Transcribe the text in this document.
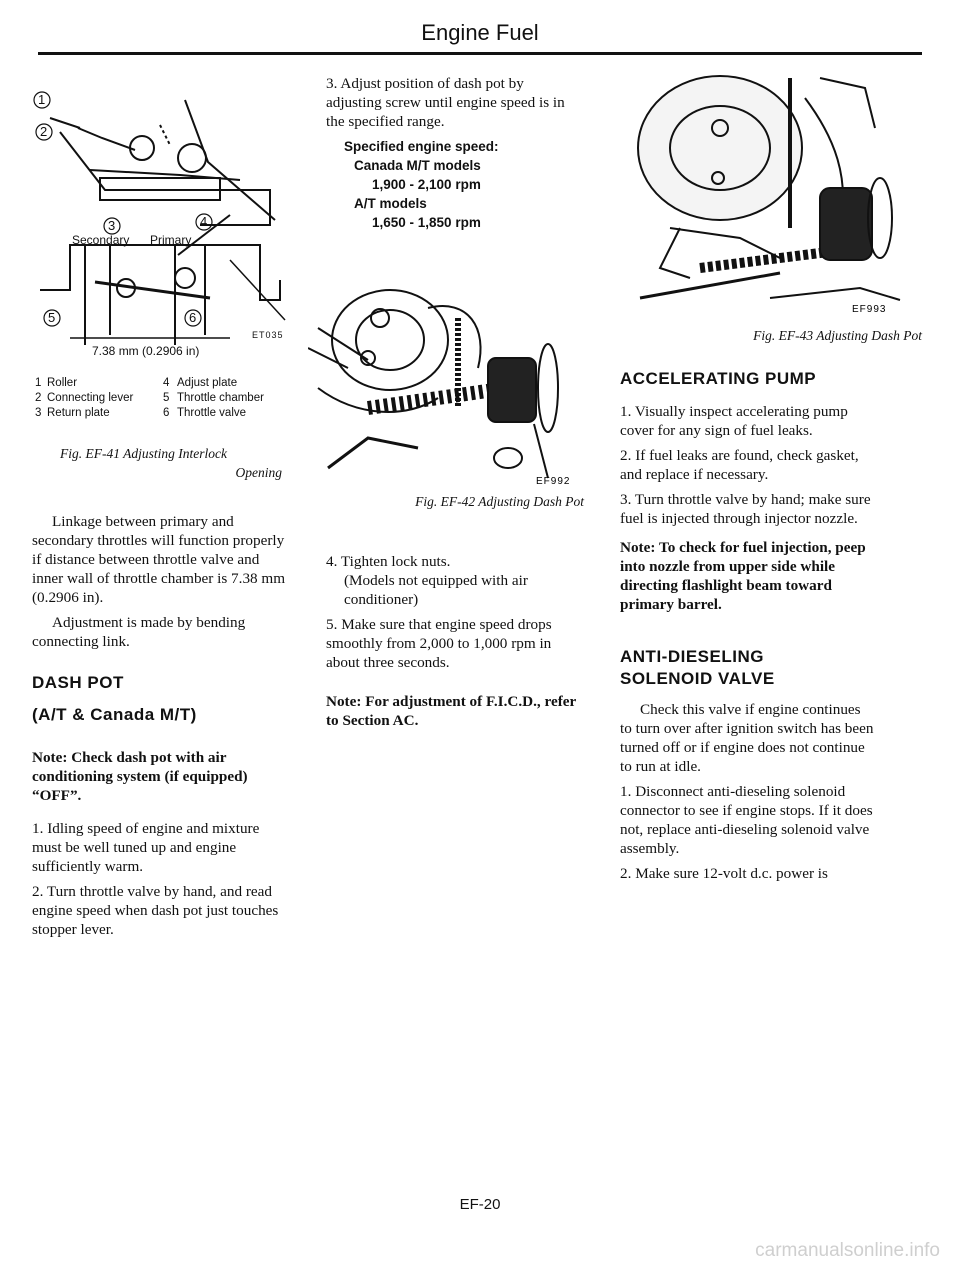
Engine Fuel
1
2
3	4
5	6
Secondary Primary
ET035
7.38 mm (0.2906 in)
1 Roller	4 Adjust plate
2 Connecting lever	5 Throttle chamber
3 Return plate	6 Throttle valve
Fig. EF-41 Adjusting Interlock
Opening

Linkage between primary and secondary throttles will function properly if distance between throttle valve and inner wall of throttle chamber is 7.38 mm (0.2906 in).

Adjustment is made by bending connecting link.

DASH POT
(A/T & Canada M/T)

Note: Check dash pot with air conditioning system (if equipped) “OFF”.

1. Idling speed of engine and mixture must be well tuned up and engine sufficiently warm.

2. Turn throttle valve by hand, and read engine speed when dash pot just touches stopper lever.

3. Adjust position of dash pot by adjusting screw until engine speed is in the specified range.

Specified engine speed:
Canada M/T models
1,900 - 2,100 rpm
A/T models
1,650 - 1,850 rpm
EF992
Fig. EF-42 Adjusting Dash Pot

4. Tighten lock nuts.

(Models not equipped with air conditioner)

5. Make sure that engine speed drops smoothly from 2,000 to 1,000 rpm in about three seconds.

Note: For adjustment of F.I.C.D., refer to Section AC.

EF993
Fig. EF-43 Adjusting Dash Pot
ACCELERATING PUMP

1. Visually inspect accelerating pump cover for any sign of fuel leaks.

2. If fuel leaks are found, check gasket, and replace if necessary.

3. Turn throttle valve by hand; make sure fuel is injected through injector nozzle.

Note: To check for fuel injection, peep into nozzle from upper side while directing flashlight beam toward primary barrel.

ANTI-DIESELING
SOLENOID VALVE

Check this valve if engine continues to turn over after ignition switch has been turned off or if engine does not continue to run at idle.

1. Disconnect anti-dieseling solenoid connector to see if engine stops. If it does not, replace anti-dieseling solenoid valve assembly.

2. Make sure 12-volt d.c. power is

EF-20
carmanualsonline.info
